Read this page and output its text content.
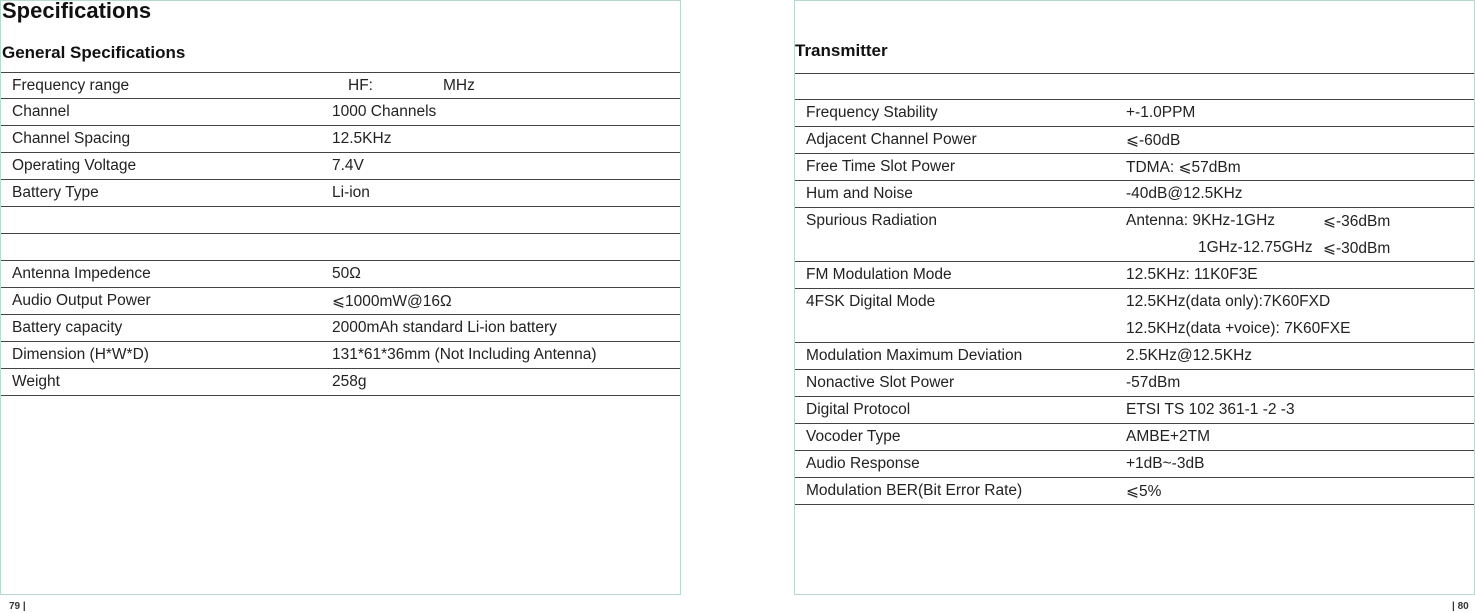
Specifications
General Specifications
Frequency range	HF:	MHz
Channel	1000 Channels
Channel Spacing	12.5KHz
Operating Voltage	7.4V
Battery Type	Li-ion
Antenna Impedence	50Ω
Audio Output Power	⩽1000mW@16Ω
Battery capacity	2000mAh standard Li-ion battery
Dimension (H*W*D)	131*61*36mm (Not Including Antenna)
Weight	258g
Transmitter
Frequency Stability	+-1.0PPM
Adjacent Channel Power	⩽-60dB
Free Time Slot Power	TDMA: ⩽57dBm
Hum and Noise	-40dB@12.5KHz
Spurious Radiation	Antenna: 9KHz-1GHz	⩽-36dBm
1GHz-12.75GHz ⩽-30dBm
FM Modulation Mode	12.5KHz: 11K0F3E
4FSK Digital Mode	12.5KHz(data only):7K60FXD
12.5KHz(data +voice): 7K60FXE
Modulation Maximum Deviation	2.5KHz@12.5KHz
Nonactive Slot Power	-57dBm
Digital Protocol	ETSI TS 102 361-1 -2 -3
Vocoder Type	AMBE+2TM
Audio Response	+1dB~-3dB
Modulation BER(Bit Error Rate)	⩽5%
79 |	| 80
